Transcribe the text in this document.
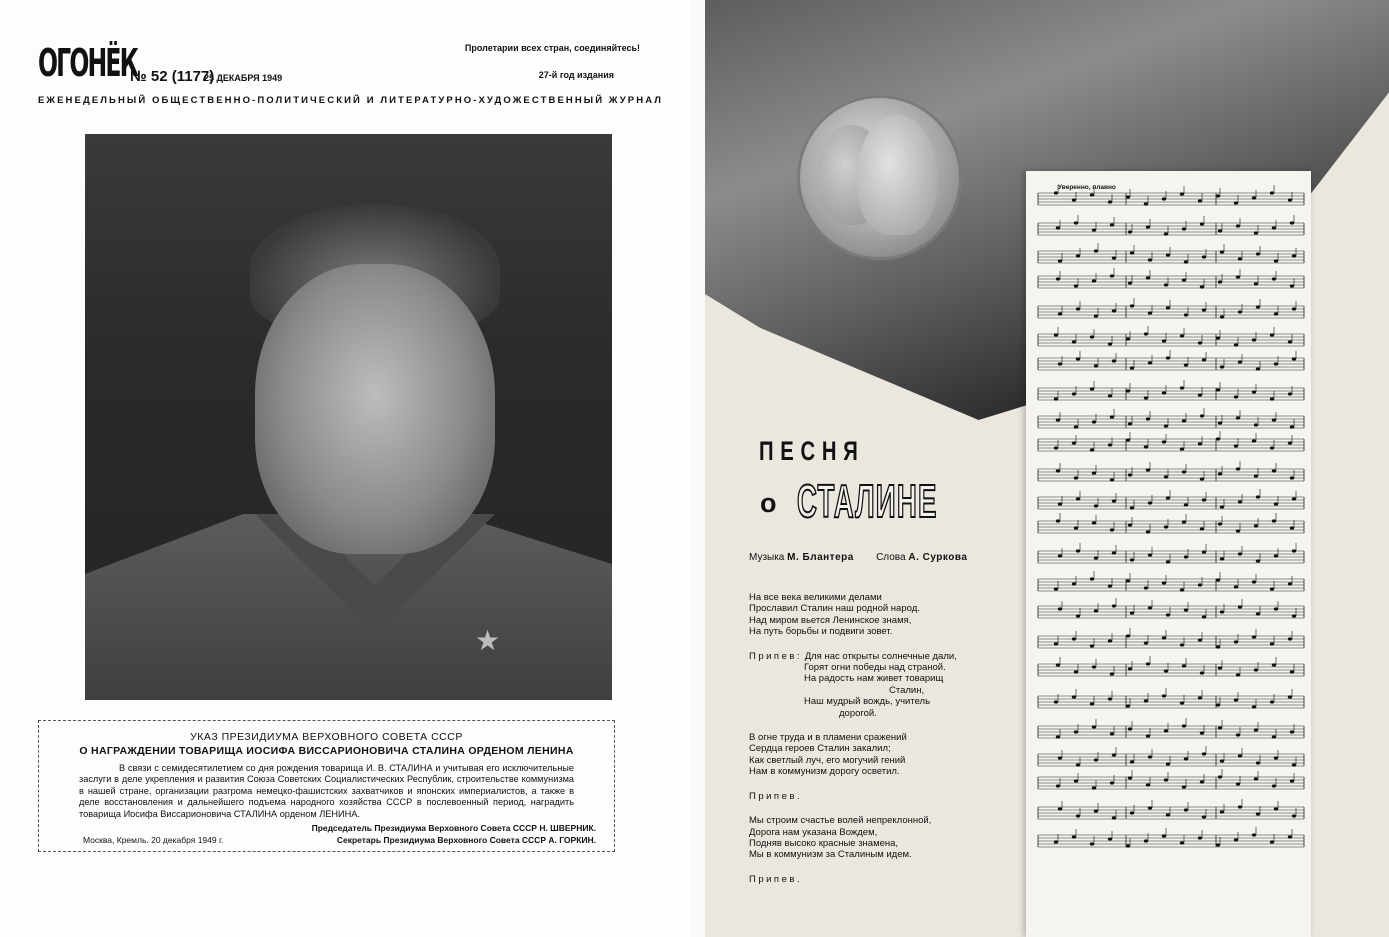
ОГОНЁК
№ 52 (1177)
25 ДЕКАБРЯ 1949
Пролетарии всех стран, соединяйтесь!
27-й год издания
ЕЖЕНЕДЕЛЬНЫЙ ОБЩЕСТВЕННО-ПОЛИТИЧЕСКИЙ И ЛИТЕРАТУРНО-ХУДОЖЕСТВЕННЫЙ ЖУРНАЛ
★
УКАЗ ПРЕЗИДИУМА ВЕРХОВНОГО СОВЕТА СССР
О НАГРАЖДЕНИИ ТОВАРИЩА ИОСИФА ВИССАРИОНОВИЧА СТАЛИНА ОРДЕНОМ ЛЕНИНА
В связи с семидесятилетием со дня рождения товарища И. В. СТАЛИНА и учитывая его исключительные заслуги в деле укрепления и развития Союза Советских Социалистических Республик, строительстве коммунизма в нашей стране, организации разгрома немецко-фашистских захватчиков и японских империалистов, а также в деле восстановления и дальнейшего подъема народного хозяйства СССР в послевоенный период, наградить товарища Иосифа Виссарионовича СТАЛИНА орденом ЛЕНИНА.
Москва, Кремль. 20 декабря 1949 г.
Председатель Президиума Верховного Совета СССР Н. ШВЕРНИК.
Секретарь Президиума Верховного Совета СССР А. ГОРКИН.
ПЕСНЯ
о СТАЛИНЕ
Музыка М. Блантера Слова А. Суркова
На все века великими делами
Прославил Сталин наш родной народ.
Над миром вьется Ленинское знамя,
На путь борьбы и подвиги зовет.
Припев: Для нас открыты солнечные дали,
Горят огни победы над страной.
На радость нам живет товарищ
Сталин,
Наш мудрый вождь, учитель
дорогой.
В огне труда и в пламени сражений
Сердца героев Сталин закалил;
Как светлый луч, его могучий гений
Нам в коммунизм дорогу осветил.
Припев.
Мы строим счастье волей непреклонной,
Дорога нам указана Вождем,
Подняв высоко красные знамена,
Мы в коммунизм за Сталиным идем.
Припев.
Уверенно, плавно
